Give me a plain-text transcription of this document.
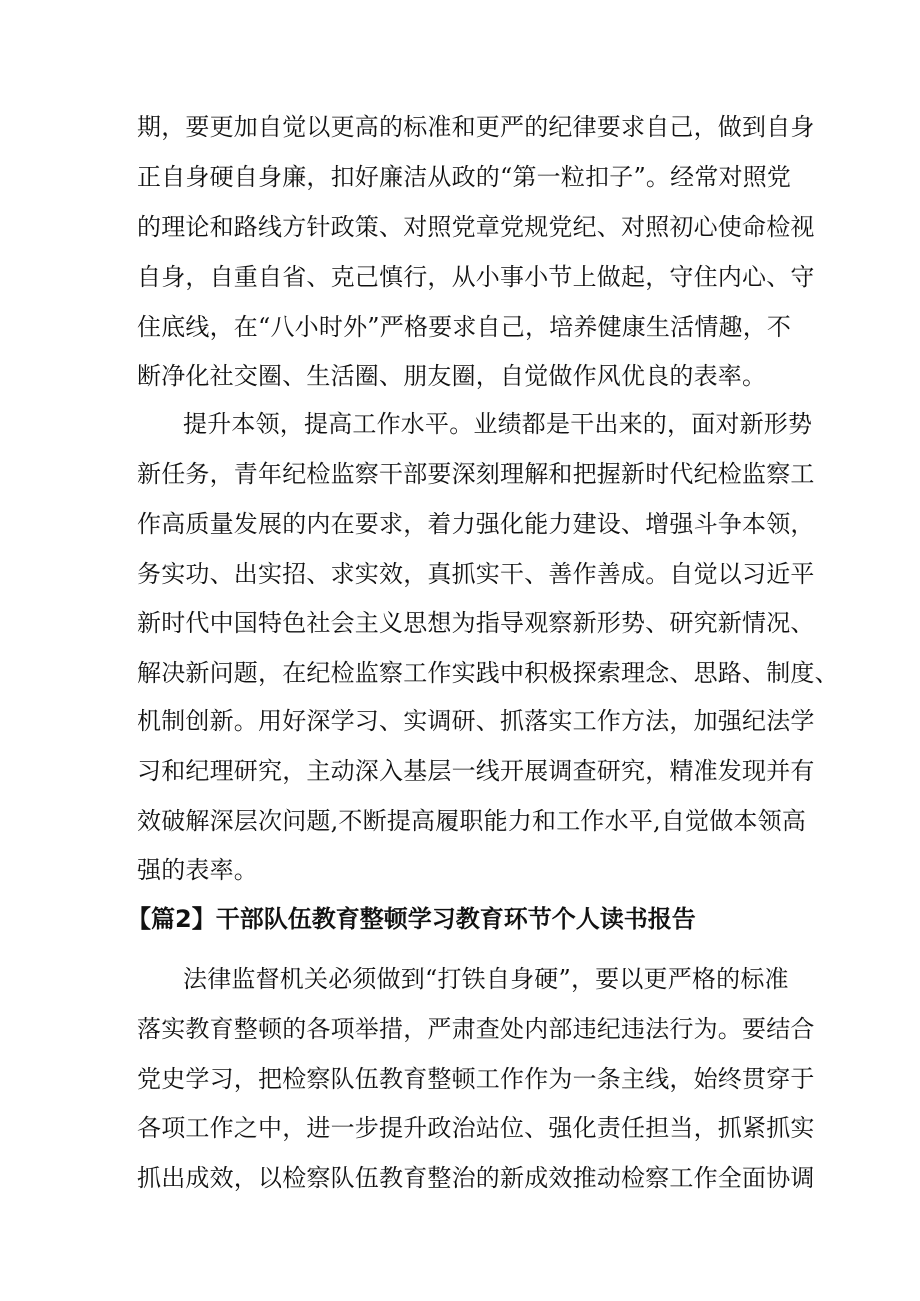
期，要更加自觉以更高的标准和更严的纪律要求自己，做到自身
正自身硬自身廉，扣好廉洁从政的“第一粒扣子”。经常对照党
的理论和路线方针政策、对照党章党规党纪、对照初心使命检视
自身，自重自省、克己慎行，从小事小节上做起，守住内心、守
住底线，在“八小时外”严格要求自己，培养健康生活情趣，不
断净化社交圈、生活圈、朋友圈，自觉做作风优良的表率。
提升本领，提高工作水平。业绩都是干出来的，面对新形势
新任务，青年纪检监察干部要深刻理解和把握新时代纪检监察工
作高质量发展的内在要求，着力强化能力建设、增强斗争本领，
务实功、出实招、求实效，真抓实干、善作善成。自觉以习近平
新时代中国特色社会主义思想为指导观察新形势、研究新情况、
解决新问题，在纪检监察工作实践中积极探索理念、思路、制度、
机制创新。用好深学习、实调研、抓落实工作方法，加强纪法学
习和纪理研究，主动深入基层一线开展调查研究，精准发现并有
效破解深层次问题,不断提高履职能力和工作水平,自觉做本领高
强的表率。
【篇2】干部队伍教育整顿学习教育环节个人读书报告
法律监督机关必须做到“打铁自身硬”，要以更严格的标准
落实教育整顿的各项举措，严肃查处内部违纪违法行为。要结合
党史学习，把检察队伍教育整顿工作作为一条主线，始终贯穿于
各项工作之中，进一步提升政治站位、强化责任担当，抓紧抓实
抓出成效，以检察队伍教育整治的新成效推动检察工作全面协调
